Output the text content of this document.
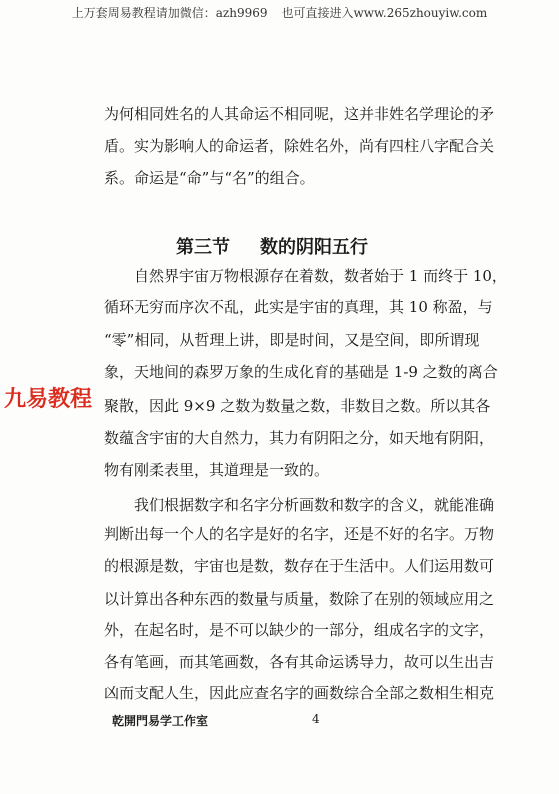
上万套周易教程请加微信：azh9969 也可直接进入www.265zhouyiw.com
为何相同姓名的人其命运不相同呢，这并非姓名学理论的矛
盾。实为影响人的命运者，除姓名外，尚有四柱八字配合关
系。命运是“命”与“名”的组合。
第三节 数的阴阳五行
　　自然界宇宙万物根源存在着数，数者始于 1 而终于 10，
循环无穷而序次不乱，此实是宇宙的真理，其 10 称盈，与
“零”相同，从哲理上讲，即是时间，又是空间，即所谓现
象，天地间的森罗万象的生成化育的基础是 1-9 之数的离合
聚散，因此 9×9 之数为数量之数，非数目之数。所以其各
数蕴含宇宙的大自然力，其力有阴阳之分，如天地有阴阳，
物有刚柔表里，其道理是一致的。
　　我们根据数字和名字分析画数和数字的含义，就能准确
判断出每一个人的名字是好的名字，还是不好的名字。万物
的根源是数，宇宙也是数，数存在于生活中。人们运用数可
以计算出各种东西的数量与质量，数除了在别的领域应用之
外，在起名时，是不可以缺少的一部分，组成名字的文字，
各有笔画，而其笔画数，各有其命运诱导力，故可以生出吉
凶而支配人生，因此应查名字的画数综合全部之数相生相克
九易教程
乾開門易学工作室	4
